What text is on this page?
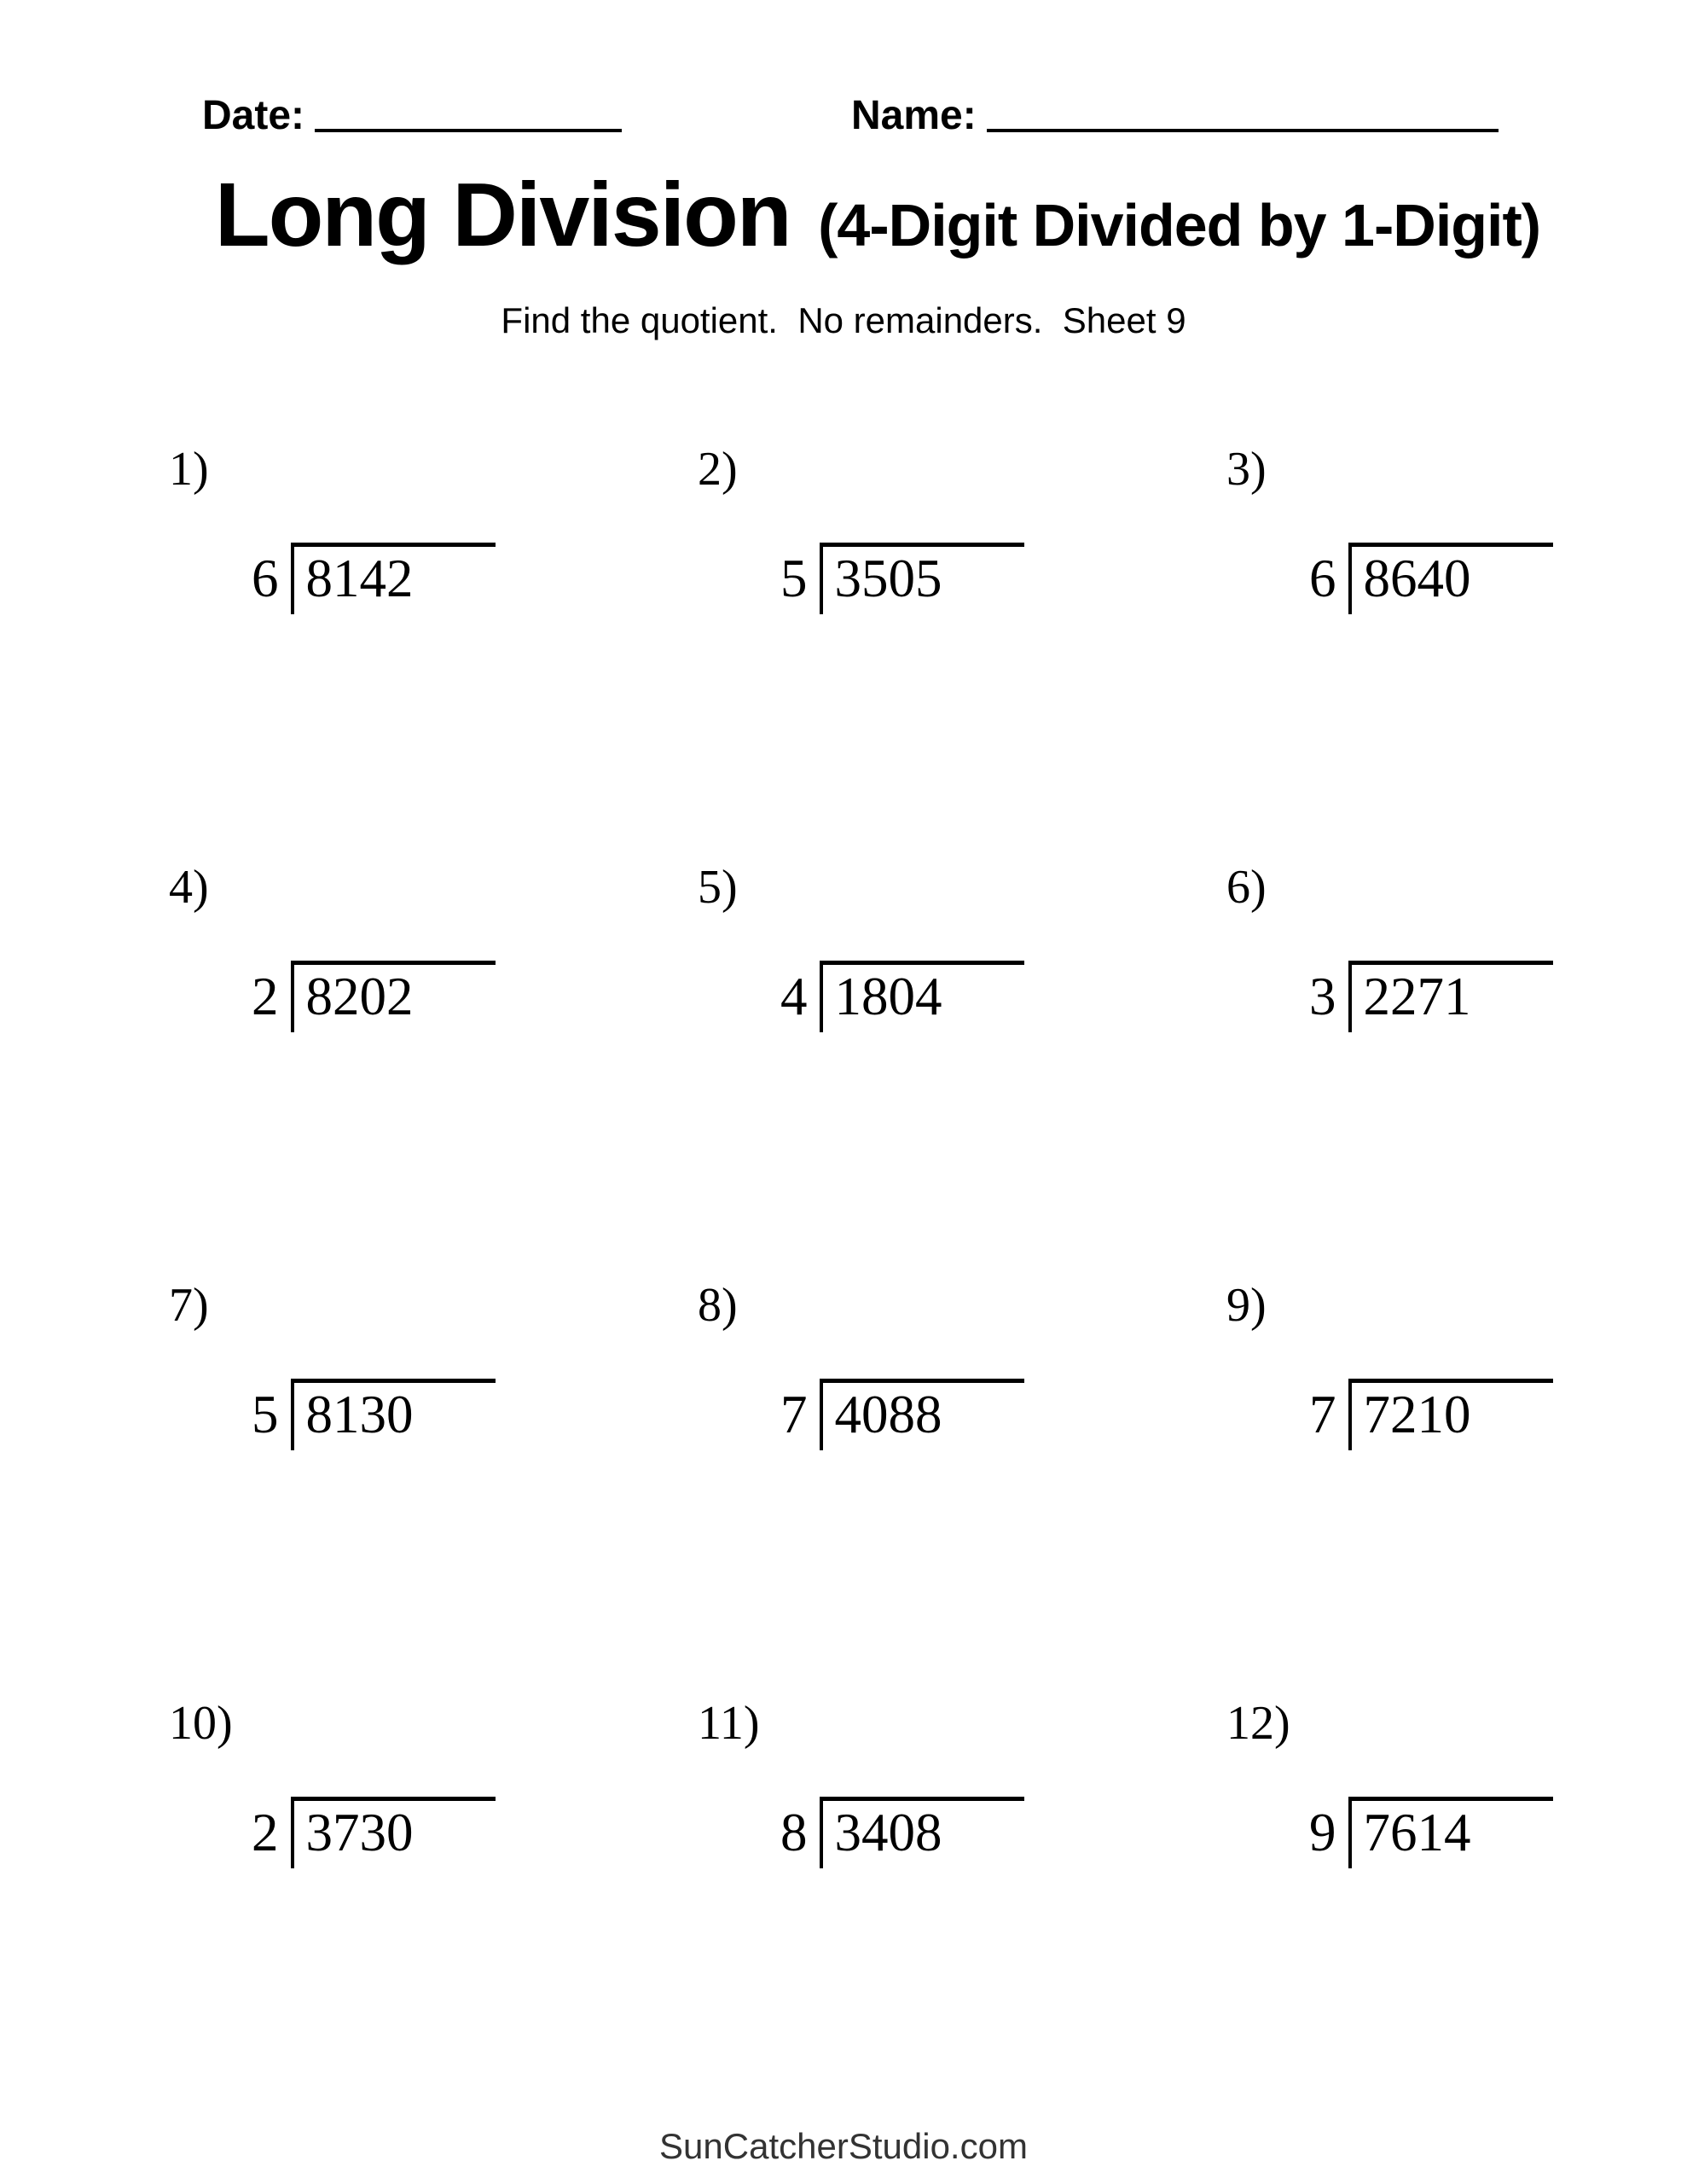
Date:	Name:
Long Division (4-Digit Divided by 1-Digit)
Find the quotient.  No remainders.  Sheet 9
1)
6 8142
2)
5 3505
3)
6 8640
4)
2 8202
5)
4 1804
6)
3 2271
7)
5 8130
8)
7 4088
9)
7 7210
10)
2 3730
11)
8 3408
12)
9 7614
SunCatcherStudio.com
